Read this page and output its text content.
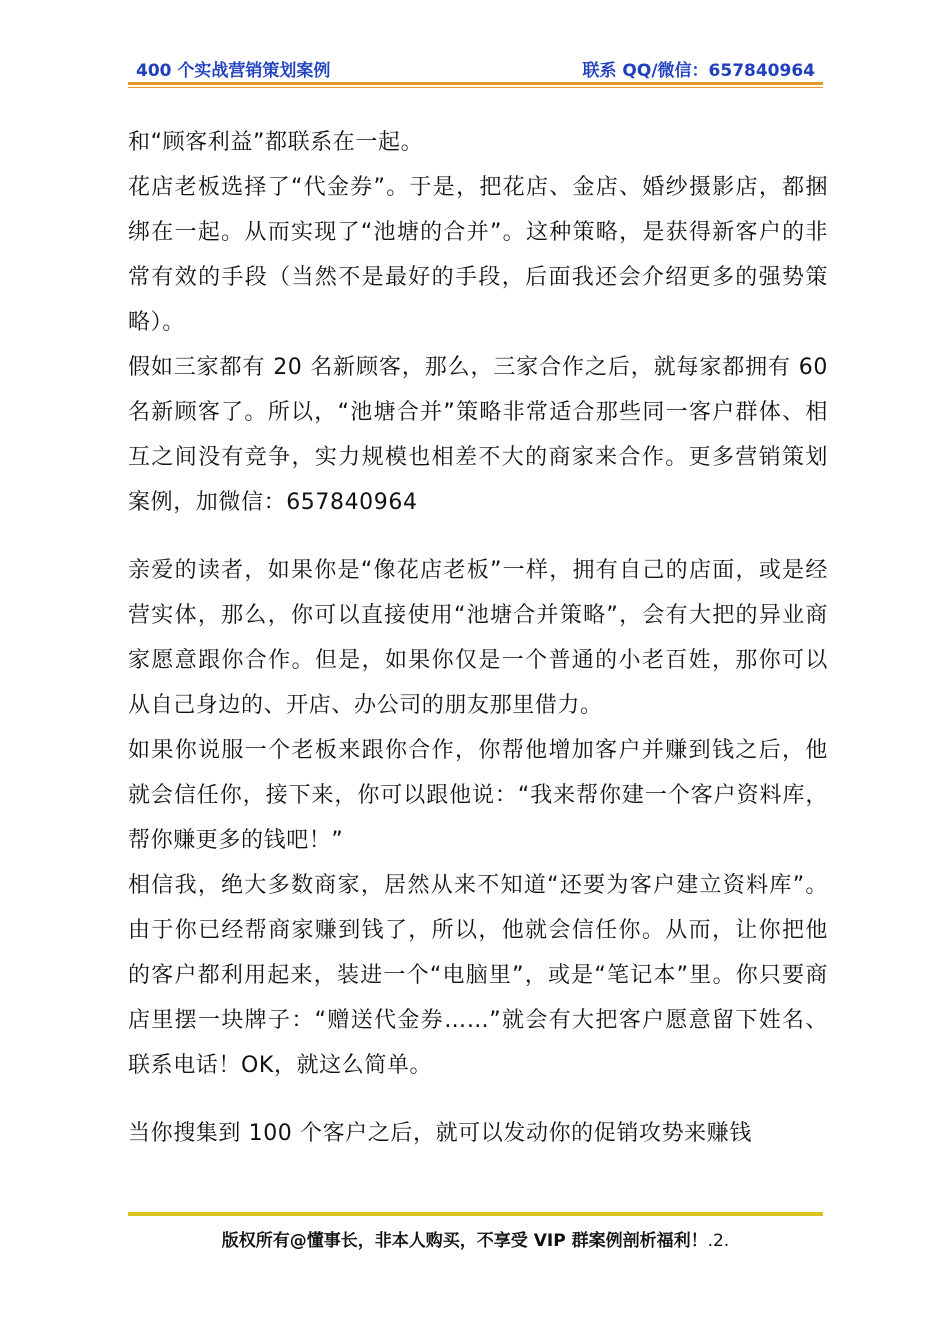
400 个实战营销策划案例	联系 QQ/微信：657840964

和“顾客利益”都联系在一起。

花店老板选择了“代金券”。于是，把花店、金店、婚纱摄影店，都捆绑在一起。从而实现了“池塘的合并”。这种策略，是获得新客户的非常有效的手段（当然不是最好的手段，后面我还会介绍更多的强势策略）。

假如三家都有 20 名新顾客，那么，三家合作之后，就每家都拥有 60 名新顾客了。所以，“池塘合并”策略非常适合那些同一客户群体、相互之间没有竞争，实力规模也相差不大的商家来合作。更多营销策划案例，加微信：657840964

亲爱的读者，如果你是“像花店老板”一样，拥有自己的店面，或是经营实体，那么，你可以直接使用“池塘合并策略”，会有大把的异业商家愿意跟你合作。但是，如果你仅是一个普通的小老百姓，那你可以从自己身边的、开店、办公司的朋友那里借力。

如果你说服一个老板来跟你合作，你帮他增加客户并赚到钱之后，他就会信任你，接下来，你可以跟他说：“我来帮你建一个客户资料库，帮你赚更多的钱吧！”

相信我，绝大多数商家，居然从来不知道“还要为客户建立资料库”。由于你已经帮商家赚到钱了，所以，他就会信任你。从而，让你把他的客户都利用起来，装进一个“电脑里”，或是“笔记本”里。你只要商店里摆一块牌子：“赠送代金券……”就会有大把客户愿意留下姓名、联系电话！OK，就这么简单。

当你搜集到 100 个客户之后，就可以发动你的促销攻势来赚钱

版权所有@懂事长，非本人购买，不享受 VIP 群案例剖析福利！.2.
